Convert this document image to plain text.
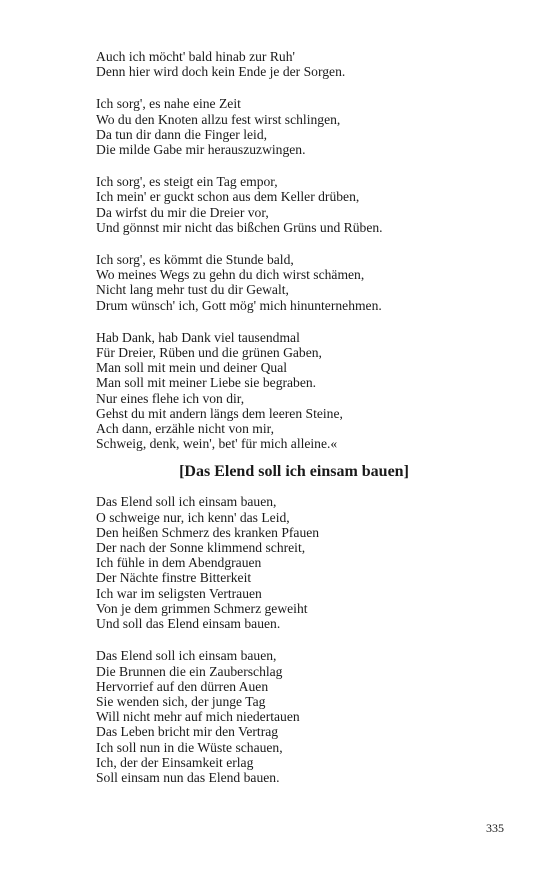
Auch ich möcht' bald hinab zur Ruh'
Denn hier wird doch kein Ende je der Sorgen.
Ich sorg', es nahe eine Zeit
Wo du den Knoten allzu fest wirst schlingen,
Da tun dir dann die Finger leid,
Die milde Gabe mir herauszuzwingen.
Ich sorg', es steigt ein Tag empor,
Ich mein' er guckt schon aus dem Keller drüben,
Da wirfst du mir die Dreier vor,
Und gönnst mir nicht das bißchen Grüns und Rüben.
Ich sorg', es kömmt die Stunde bald,
Wo meines Wegs zu gehn du dich wirst schämen,
Nicht lang mehr tust du dir Gewalt,
Drum wünsch' ich, Gott mög' mich hinunternehmen.
Hab Dank, hab Dank viel tausendmal
Für Dreier, Rüben und die grünen Gaben,
Man soll mit mein und deiner Qual
Man soll mit meiner Liebe sie begraben.
Nur eines flehe ich von dir,
Gehst du mit andern längs dem leeren Steine,
Ach dann, erzähle nicht von mir,
Schweig, denk, wein', bet' für mich alleine.«
[Das Elend soll ich einsam bauen]
Das Elend soll ich einsam bauen,
O schweige nur, ich kenn' das Leid,
Den heißen Schmerz des kranken Pfauen
Der nach der Sonne klimmend schreit,
Ich fühle in dem Abendgrauen
Der Nächte finstre Bitterkeit
Ich war im seligsten Vertrauen
Von je dem grimmen Schmerz geweiht
Und soll das Elend einsam bauen.
Das Elend soll ich einsam bauen,
Die Brunnen die ein Zauberschlag
Hervorrief auf den dürren Auen
Sie wenden sich, der junge Tag
Will nicht mehr auf mich niedertauen
Das Leben bricht mir den Vertrag
Ich soll nun in die Wüste schauen,
Ich, der der Einsamkeit erlag
Soll einsam nun das Elend bauen.
335
